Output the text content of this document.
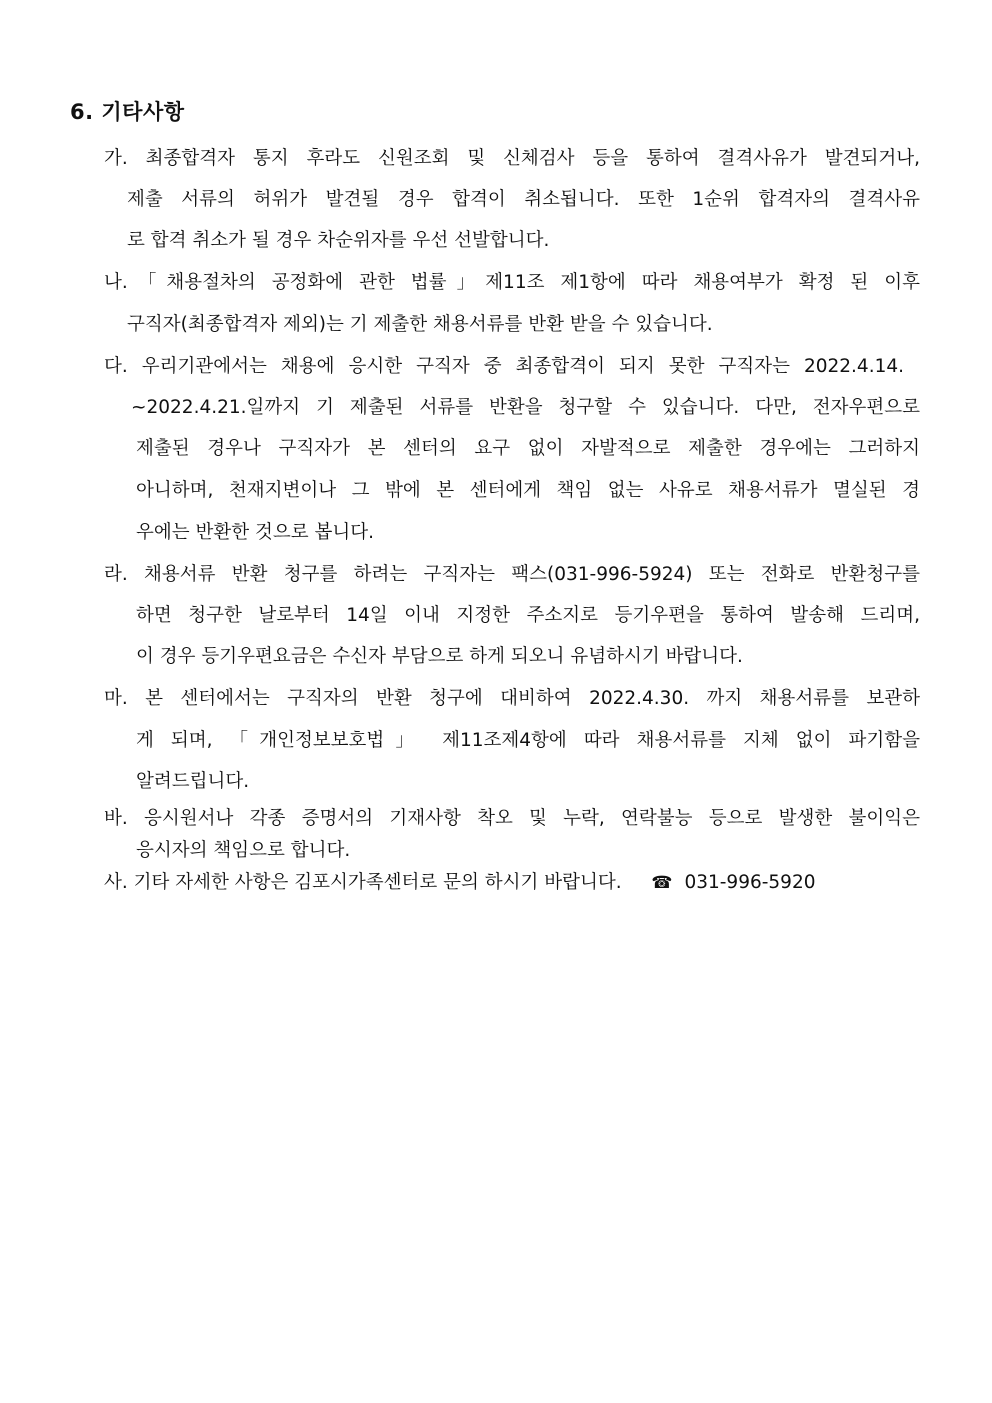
6. 기타사항
가. 최종합격자 통지 후라도 신원조회 및 신체검사 등을 통하여 결격사유가 발견되거나,
제출 서류의 허위가 발견될 경우 합격이 취소됩니다. 또한 1순위 합격자의 결격사유
로 합격 취소가 될 경우 차순위자를 우선 선발합니다.
나.「채용절차의 공정화에 관한 법률」제11조 제1항에 따라 채용여부가 확정 된 이후
구직자(최종합격자 제외)는 기 제출한 채용서류를 반환 받을 수 있습니다.
다. 우리기관에서는 채용에 응시한 구직자 중 최종합격이 되지 못한 구직자는 2022.4.14.
~2022.4.21.일까지 기 제출된 서류를 반환을 청구할 수 있습니다. 다만, 전자우편으로
제출된 경우나 구직자가 본 센터의 요구 없이 자발적으로 제출한 경우에는 그러하지
아니하며, 천재지변이나 그 밖에 본 센터에게 책임 없는 사유로 채용서류가 멸실된 경
우에는 반환한 것으로 봅니다.
라. 채용서류 반환 청구를 하려는 구직자는 팩스(031-996-5924) 또는 전화로 반환청구를
하면 청구한 날로부터 14일 이내 지정한 주소지로 등기우편을 통하여 발송해 드리며,
이 경우 등기우편요금은 수신자 부담으로 하게 되오니 유념하시기 바랍니다.
마. 본 센터에서는 구직자의 반환 청구에 대비하여 2022.4.30. 까지 채용서류를 보관하
게 되며, 「개인정보보호법」 제11조제4항에 따라 채용서류를 지체 없이 파기함을
알려드립니다.
바. 응시원서나 각종 증명서의 기재사항 착오 및 누락, 연락불능 등으로 발생한 불이익은
응시자의 책임으로 합니다.
사. 기타 자세한 사항은 김포시가족센터로 문의 하시기 바랍니다. ☎ 031-996-5920
